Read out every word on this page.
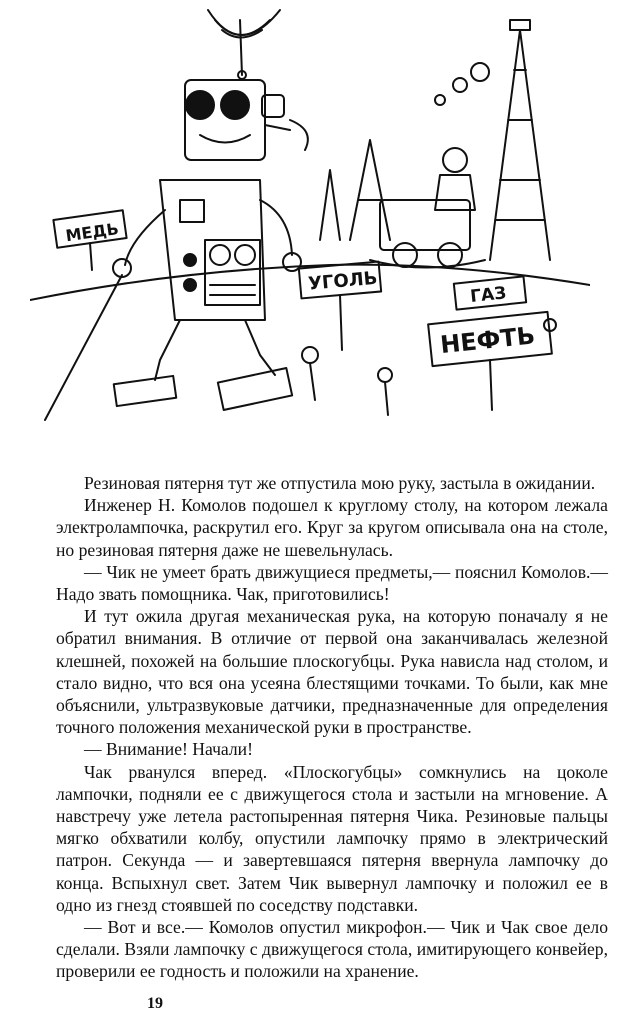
МЕДЬ
УГОЛЬ
ГАЗ
НЕФТЬ

Резиновая пятерня тут же отпустила мою руку, застыла в ожидании.

Инженер Н. Комолов подошел к круглому столу, на котором лежала электролампочка, раскрутил его. Круг за кругом описывала она на столе, но резиновая пятерня даже не шевельнулась.

— Чик не умеет брать движущиеся предметы,— пояснил Комолов.— Надо звать помощника. Чак, приготовились!

И тут ожила другая механическая рука, на которую поначалу я не обратил внимания. В отличие от первой она заканчивалась железной клешней, похожей на большие плоскогубцы. Рука нависла над столом, и стало видно, что вся она усеяна блестящими точками. То были, как мне объяснили, ультразвуковые датчики, предназначенные для определения точного положения механической руки в пространстве.

— Внимание! Начали!

Чак рванулся вперед. «Плоскогубцы» сомкнулись на цоколе лампочки, подняли ее с движущегося стола и застыли на мгновение. А навстречу уже летела растопыренная пятерня Чика. Резиновые пальцы мягко обхватили колбу, опустили лампочку прямо в электрический патрон. Секунда — и завертевшаяся пятерня ввернула лампочку до конца. Вспыхнул свет. Затем Чик вывернул лампочку и положил ее в одно из гнезд стоявшей по соседству подставки.

— Вот и все.— Комолов опустил микрофон.— Чик и Чак свое дело сделали. Взяли лампочку с движущегося стола, имитирующего конвейер, проверили ее годность и положили на хранение.

19
